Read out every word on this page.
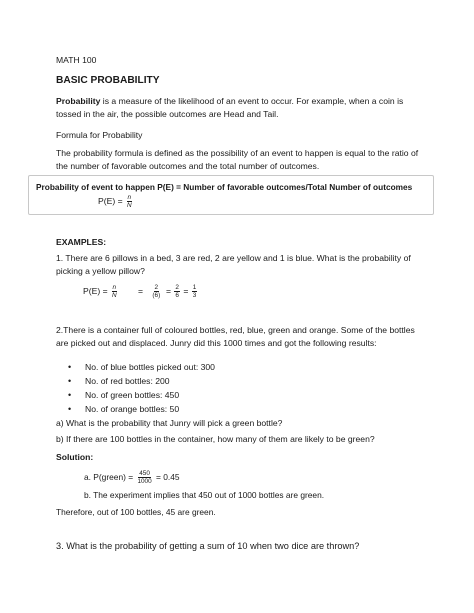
MATH 100
BASIC PROBABILITY
Probability is a measure of the likelihood of an event to occur. For example, when a coin is tossed in the air, the possible outcomes are Head and Tail.
Formula for Probability
The probability formula is defined as the possibility of an event to happen is equal to the ratio of the number of favorable outcomes and the total number of outcomes.
Probability of event to happen P(E) = Number of favorable outcomes/Total Number of outcomes
$P(E) = \frac{n}{N}$
EXAMPLES:
1. There are 6 pillows in a bed, 3 are red, 2 are yellow and 1 is blue. What is the probability of picking a yellow pillow?
$P(E) = \frac{n}{N} = \frac{2}{(6)} = \frac{2}{6} = \frac{1}{3}$
2.There is a container full of coloured bottles, red, blue, green and orange. Some of the bottles are picked out and displaced. Junry did this 1000 times and got the following results:
• No. of blue bottles picked out: 300
• No. of red bottles: 200
• No. of green bottles: 450
• No. of orange bottles: 50
a) What is the probability that Junry will pick a green bottle?
b) If there are 100 bottles in the container, how many of them are likely to be green?
Solution:
a. P(green) = $\frac{450}{1000} = 0.45$
b. The experiment implies that 450 out of 1000 bottles are green.
Therefore, out of 100 bottles, 45 are green.
3. What is the probability of getting a sum of 10 when two dice are thrown?
